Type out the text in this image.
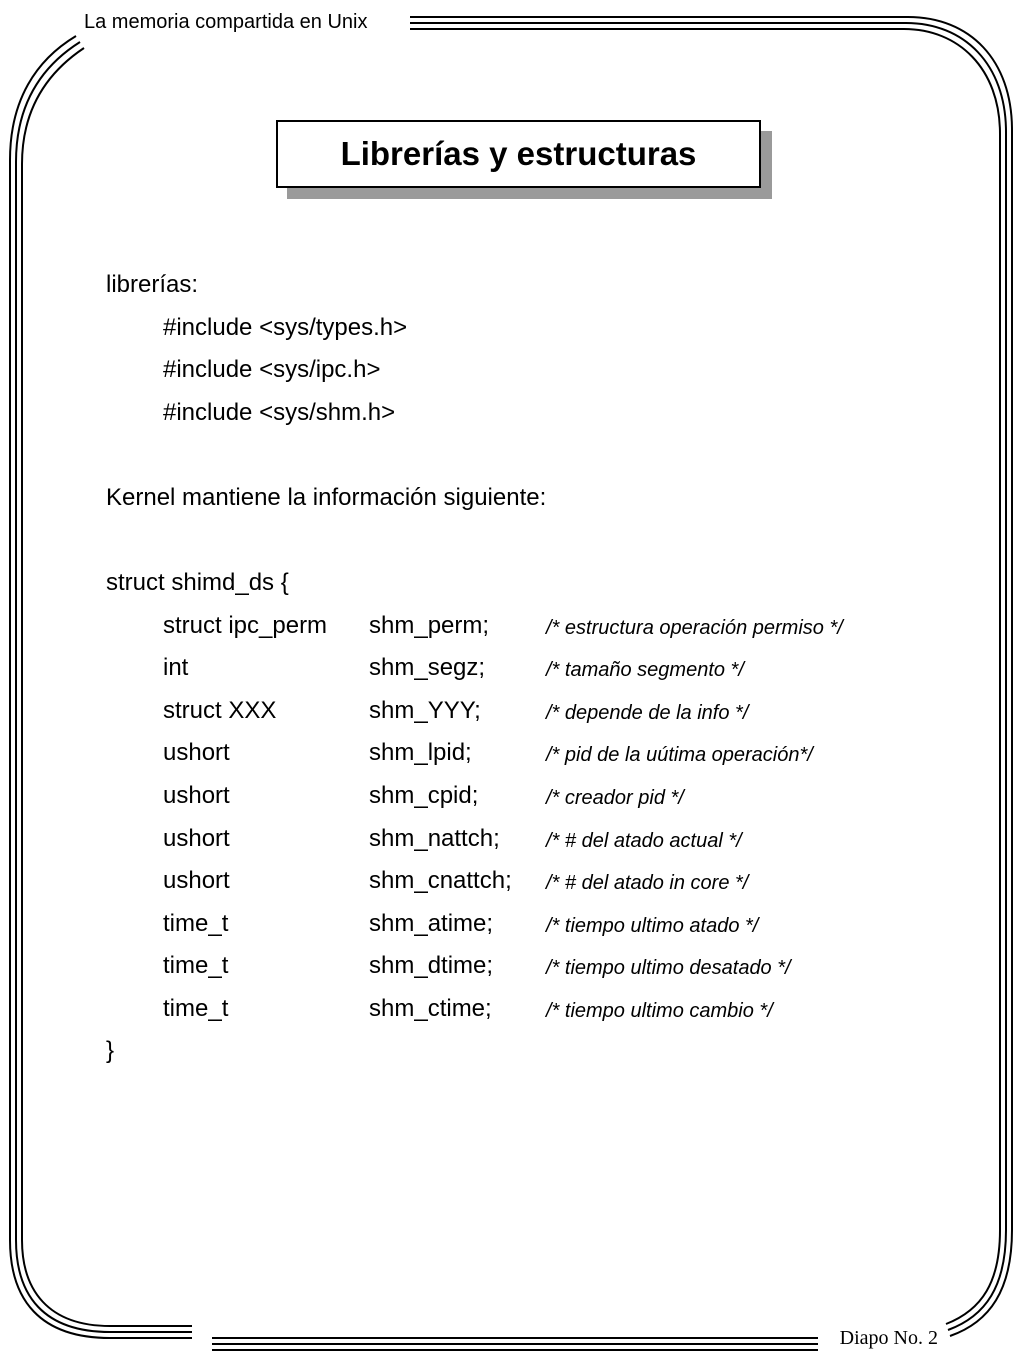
La memoria compartida en Unix
Librerías y estructuras
librerías:
#include <sys/types.h>
#include <sys/ipc.h>
#include <sys/shm.h>
Kernel mantiene la información siguiente:
struct shimd_ds {
struct ipc_perm shm_perm;	/* estructura operación permiso */
int	shm_segz;	/* tamaño segmento */
struct XXX	shm_YYY;	/* depende de la info */
ushort	shm_lpid;	/* pid de la uútima operación*/
ushort	shm_cpid;	/* creador pid */
ushort	shm_nattch; /* # del atado actual */
ushort	shm_cnattch; /* # del atado in core */
time_t	shm_atime;	/* tiempo ultimo atado */
time_t	shm_dtime;	/* tiempo ultimo desatado */
time_t	shm_ctime;	/* tiempo ultimo cambio */
}
Diapo No. 2
